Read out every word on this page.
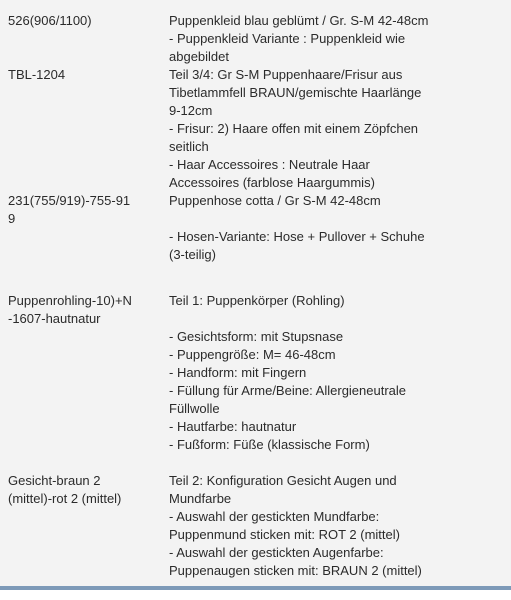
526(906/1100)	Puppenkleid blau geblümt / Gr. S-M 42-48cm
- Puppenkleid Variante : Puppenkleid wie
abgebildet
TBL-1204	Teil 3/4: Gr S-M Puppenhaare/Frisur aus
Tibetlammfell BRAUN/gemischte Haarlänge
9-12cm
- Frisur: 2) Haare offen mit einem Zöpfchen
seitlich
- Haar Accessoires : Neutrale Haar
Accessoires (farblose Haargummis)
231(755/919)-755-91
9
Puppenhose cotta / Gr S-M 42-48cm
- Hosen-Variante: Hose + Pullover + Schuhe
(3-teilig)
Puppenrohling-10)+N
-1607-hautnatur
Teil 1: Puppenkörper (Rohling)
- Gesichtsform: mit Stupsnase
- Puppengröße: M= 46-48cm
- Handform: mit Fingern
- Füllung für Arme/Beine: Allergieneutrale
Füllwolle
- Hautfarbe: hautnatur
- Fußform: Füße (klassische Form)
Gesicht-braun 2
(mittel)-rot 2 (mittel)
Teil 2: Konfiguration Gesicht Augen und
Mundfarbe
- Auswahl der gestickten Mundfarbe:
Puppenmund sticken mit: ROT 2 (mittel)
- Auswahl der gestickten Augenfarbe:
Puppenaugen sticken mit: BRAUN 2 (mittel)
